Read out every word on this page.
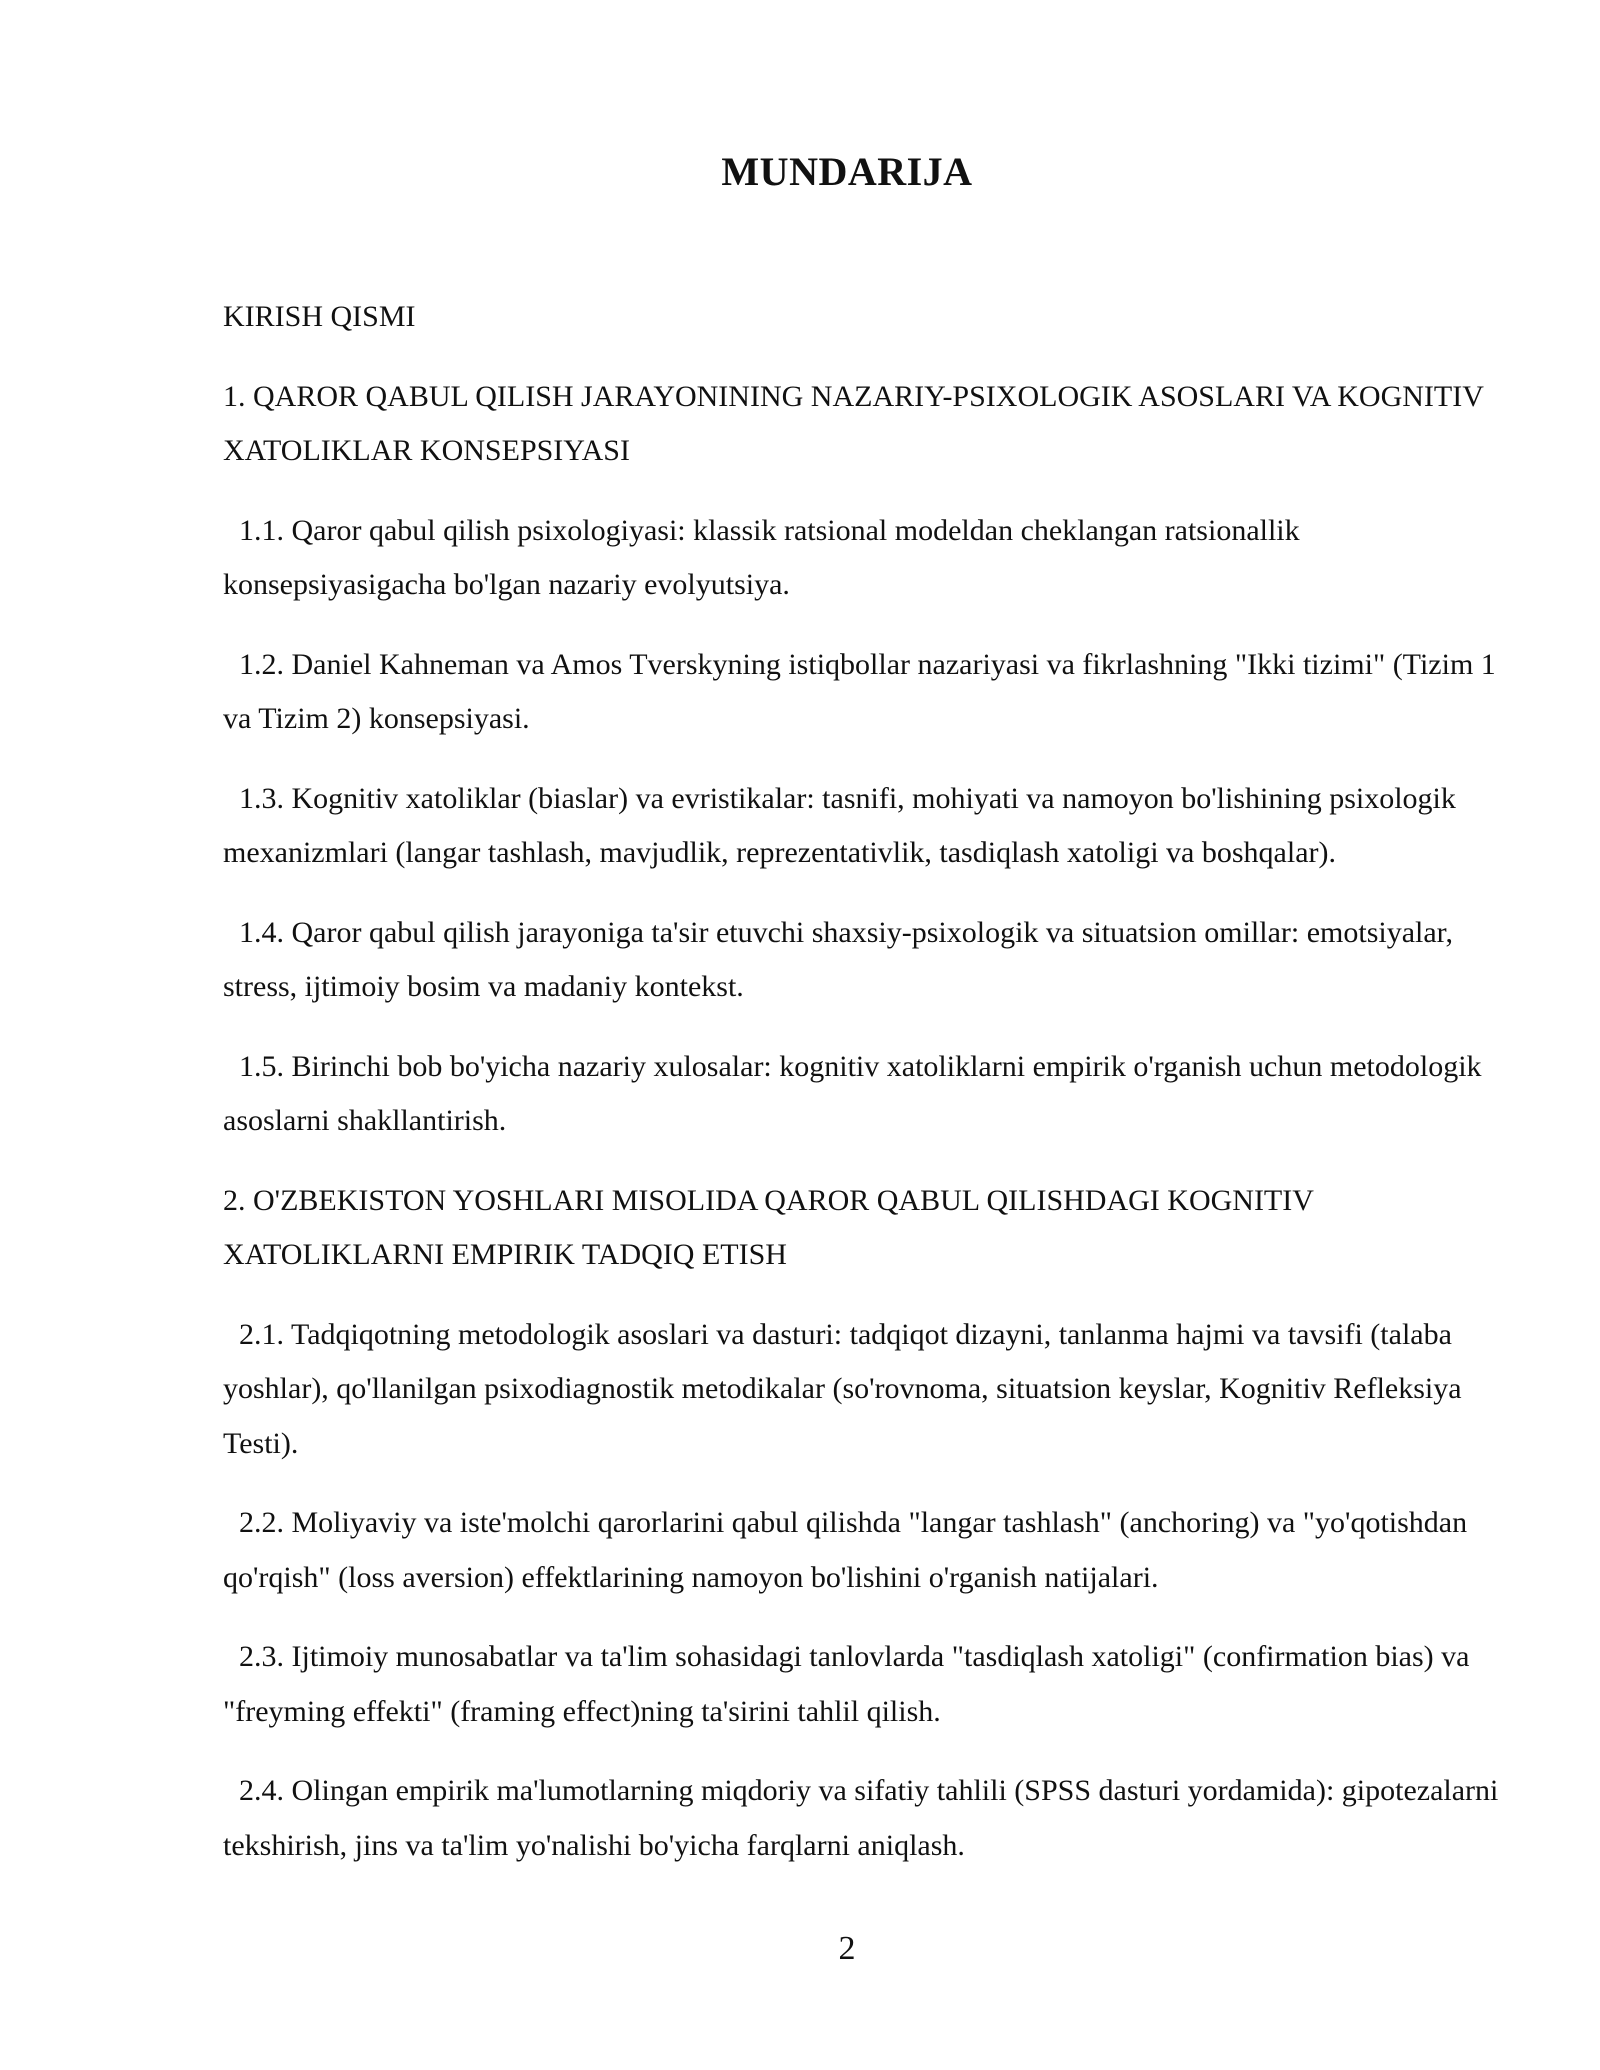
MUNDARIJA

KIRISH QISMI

1. QAROR QABUL QILISH JARAYONINING NAZARIY-PSIXOLOGIK ASOSLARI VA KOGNITIV XATOLIKLAR KONSEPSIYASI

1.1. Qaror qabul qilish psixologiyasi: klassik ratsional modeldan cheklangan ratsionallik konsepsiyasigacha bo'lgan nazariy evolyutsiya.

1.2. Daniel Kahneman va Amos Tverskyning istiqbollar nazariyasi va fikrlashning "Ikki tizimi" (Tizim 1 va Tizim 2) konsepsiyasi.

1.3. Kognitiv xatoliklar (biaslar) va evristikalar: tasnifi, mohiyati va namoyon bo'lishining psixologik mexanizmlari (langar tashlash, mavjudlik, reprezentativlik, tasdiqlash xatoligi va boshqalar).

1.4. Qaror qabul qilish jarayoniga ta'sir etuvchi shaxsiy-psixologik va situatsion omillar: emotsiyalar, stress, ijtimoiy bosim va madaniy kontekst.

1.5. Birinchi bob bo'yicha nazariy xulosalar: kognitiv xatoliklarni empirik o'rganish uchun metodologik asoslarni shakllantirish.

2. O'ZBEKISTON YOSHLARI MISOLIDA QAROR QABUL QILISHDAGI KOGNITIV XATOLIKLARNI EMPIRIK TADQIQ ETISH

2.1. Tadqiqotning metodologik asoslari va dasturi: tadqiqot dizayni, tanlanma hajmi va tavsifi (talaba yoshlar), qo'llanilgan psixodiagnostik metodikalar (so'rovnoma, situatsion keyslar, Kognitiv Refleksiya Testi).

2.2. Moliyaviy va iste'molchi qarorlarini qabul qilishda "langar tashlash" (anchoring) va "yo'qotishdan qo'rqish" (loss aversion) effektlarining namoyon bo'lishini o'rganish natijalari.

2.3. Ijtimoiy munosabatlar va ta'lim sohasidagi tanlovlarda "tasdiqlash xatoligi" (confirmation bias) va "freyming effekti" (framing effect)ning ta'sirini tahlil qilish.

2.4. Olingan empirik ma'lumotlarning miqdoriy va sifatiy tahlili (SPSS dasturi yordamida): gipotezalarni tekshirish, jins va ta'lim yo'nalishi bo'yicha farqlarni aniqlash.

2
